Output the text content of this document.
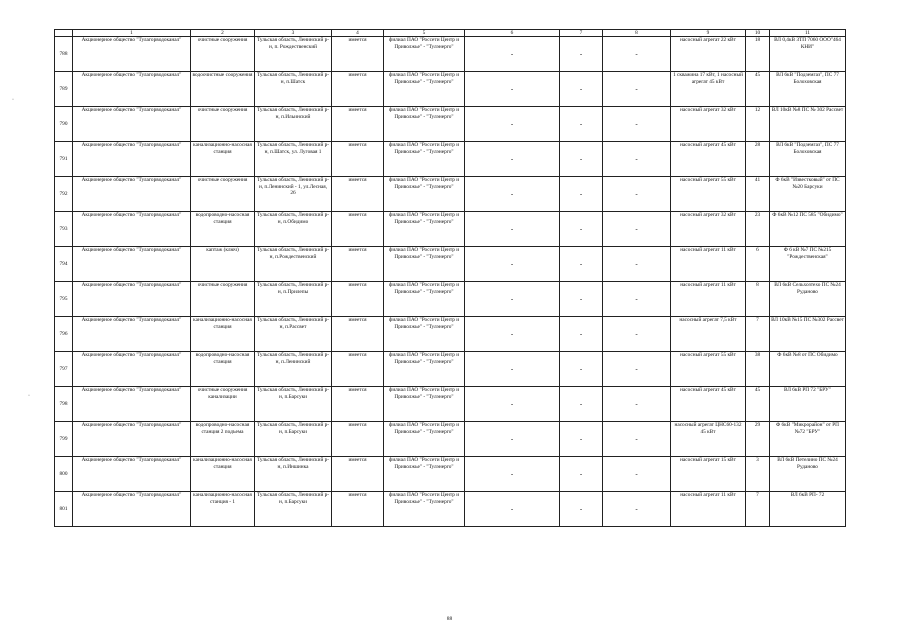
	1	2	3	4	5	6	7	8	9	10	11
788	Акционерное общество "Тулагорводоканал"	очистные сооружения	Тульская область, Ленинский р-н, п. Рождественский	имеется	филиал ПАО "Россети Центр и Приволжье" - "Тулэнерго"	-	-	-	насосный агрегат 22 кВт	18	ВЛ 0,4кВ ЗТП 7060 ООО"464 КНИ"
789	Акционерное общество "Тулагорводоканал"	водоочистные сооружения	Тульская область, Ленинский р-н, п.Шатск	имеется	филиал ПАО "Россети Центр и Приволжье" - "Тулэнерго"	-	-	-	1 скважина 17 кВт, 1 насосный агрегат 45 кВт	45	ВЛ 6кВ "Подземгаз", ПС 77 Болоховская
790	Акционерное общество "Тулагорводоканал"	очистные сооружения	Тульская область, Ленинский р-н, п.Ильинский	имеется	филиал ПАО "Россети Центр и Приволжье" - "Тулэнерго"	-	-	-	насосный агрегат 32 кВт	12	ВЛ 10кВ №8 ПС № 302 Рассвет
791	Акционерное общество "Тулагорводоканал"	канализационно-насосная станция	Тульская область, Ленинский р-н, п.Шатск, ул. Луговая 1	имеется	филиал ПАО "Россети Центр и Приволжье" - "Тулэнерго"	-	-	-	насосный агрегат 45 кВт	28	ВЛ 6кВ "Подземгаз", ПС 77 Болоховская
792	Акционерное общество "Тулагорводоканал"	очистные сооружения	Тульская область, Ленинский р-н, п.Ленинский - 1, ул.Лесная, 26	имеется	филиал ПАО "Россети Центр и Приволжье" - "Тулэнерго"	-	-	-	насосный агрегат 55 кВт	41	Ф 6кВ "Известковый" от ПС №20 Барсуки
793	Акционерное общество "Тулагорводоканал"	водопроводно-насосная станция	Тульская область, Ленинский р-н, п.Обидимо	имеется	филиал ПАО "Россети Центр и Приволжье" - "Тулэнерго"	-	-	-	насосный агрегат 32 кВт	23	Ф 6кВ №12 ПС 585 "Обидимо"
794	Акционерное общество "Тулагорводоканал"	каптаж (ключ)	Тульская область, Ленинский р-н, п.Рождественский	имеется	филиал ПАО "Россети Центр и Приволжье" - "Тулэнерго"	-	-	-	насосный агрегат 11 кВт	6	Ф 6 кВ №7 ПС №215 "Рождественская"
795	Акционерное общество "Тулагорводоканал"	очистные сооружения	Тульская область, Ленинский р-н, п.Прилепы	имеется	филиал ПАО "Россети Центр и Приволжье" - "Тулэнерго"	-	-	-	насосный агрегат 11 кВт	8	ВЛ 6кВ Сельхозтехо ПС №24 Руданово
796	Акционерное общество "Тулагорводоканал"	канализационно-насосная станция	Тульская область, Ленинский р-н, п.Рассвет	имеется	филиал ПАО "Россети Центр и Приволжье" - "Тулэнерго"	-	-	-	насосный агрегат 7,5 кВт	7	ВЛ 10кВ №15 ПС №302 Рассвет
797	Акционерное общество "Тулагорводоканал"	водопроводно-насосная станция	Тульская область, Ленинский р-н, п.Ленинский	имеется	филиал ПАО "Россети Центр и Приволжье" - "Тулэнерго"	-	-	-	насосный агрегат 55 кВт	38	Ф 6кВ №8 от ПС Обидимо
798	Акционерное общество "Тулагорводоканал"	очистные сооружения канализации	Тульская область, Ленинский р-н, п.Барсуки	имеется	филиал ПАО "Россети Центр и Приволжье" - "Тулэнерго"	-	-	-	насосный агрегат 45 кВт	45	ВЛ 6кВ РП 72 "БРУ"
799	Акционерное общество "Тулагорводоканал"	водопроводно-насосная станция 2 подъема	Тульская область, Ленинский р-н, п.Барсуки	имеется	филиал ПАО "Россети Центр и Приволжье" - "Тулэнерго"	-	-	-	насосный агрегат ЦНС60-132 45 кВт	29	Ф 6кВ "Микрорайон" от РП №72 "БРУ"
800	Акционерное общество "Тулагорводоканал"	канализационно-насосная станция	Тульская область, Ленинский р-н, п.Иншинка	имеется	филиал ПАО "Россети Центр и Приволжье" - "Тулэнерго"	-	-	-	насосный агрегат 15 кВт	3	ВЛ 6кВ Петелино ПС №24 Руданово
801	Акционерное общество "Тулагорводоканал"	канализационно-насосная станция - 1	Тульская область, Ленинский р-н, п.Барсуки	имеется	филиал ПАО "Россети Центр и Приволжье" - "Тулэнерго"	-	-	-	насосный агрегат 11 кВт	7	ВЛ 6кВ РП- 72
·
·
88
